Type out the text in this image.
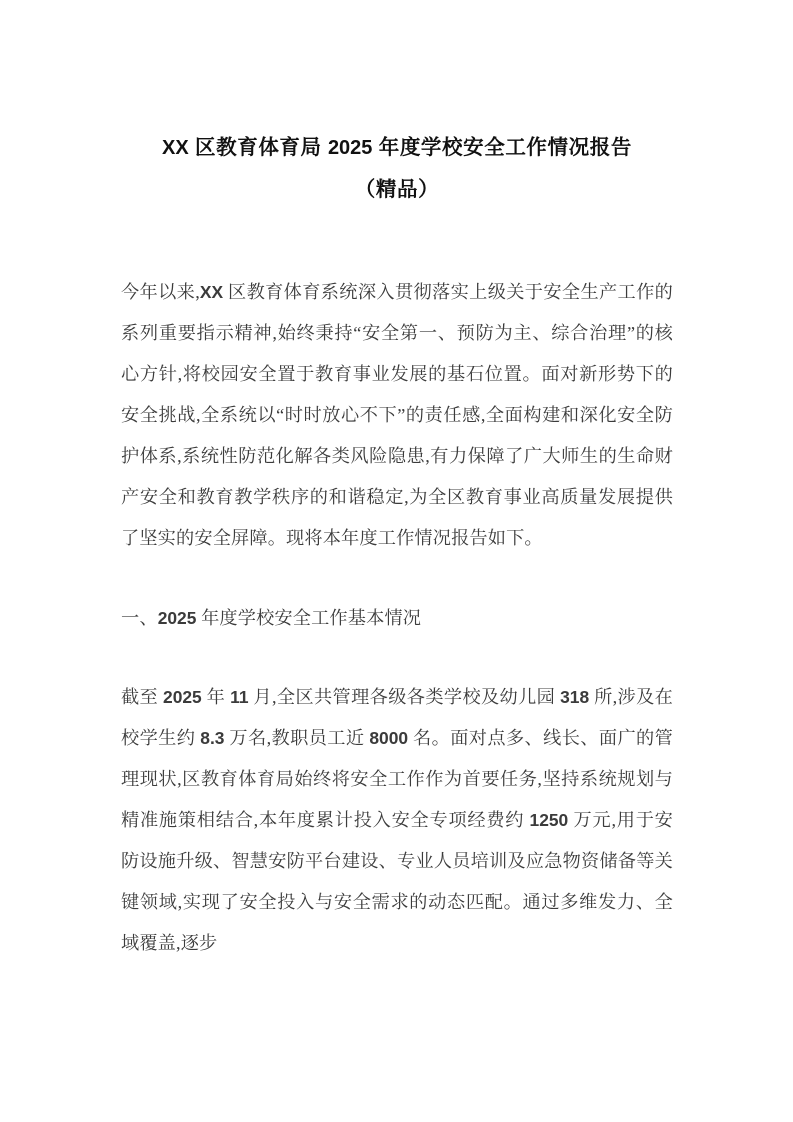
XX 区教育体育局 2025 年度学校安全工作情况报告
（精品）

今年以来,XX 区教育体育系统深入贯彻落实上级关于安全生产工作的系列重要指示精神,始终秉持“安全第一、预防为主、综合治理”的核心方针,将校园安全置于教育事业发展的基石位置。面对新形势下的安全挑战,全系统以“时时放心不下”的责任感,全面构建和深化安全防护体系,系统性防范化解各类风险隐患,有力保障了广大师生的生命财产安全和教育教学秩序的和谐稳定,为全区教育事业高质量发展提供了坚实的安全屏障。现将本年度工作情况报告如下。

一、2025 年度学校安全工作基本情况

截至 2025 年 11 月,全区共管理各级各类学校及幼儿园 318 所,涉及在校学生约 8.3 万名,教职员工近 8000 名。面对点多、线长、面广的管理现状,区教育体育局始终将安全工作作为首要任务,坚持系统规划与精准施策相结合,本年度累计投入安全专项经费约 1250 万元,用于安防设施升级、智慧安防平台建设、专业人员培训及应急物资储备等关键领域,实现了安全投入与安全需求的动态匹配。通过多维发力、全域覆盖,逐步
